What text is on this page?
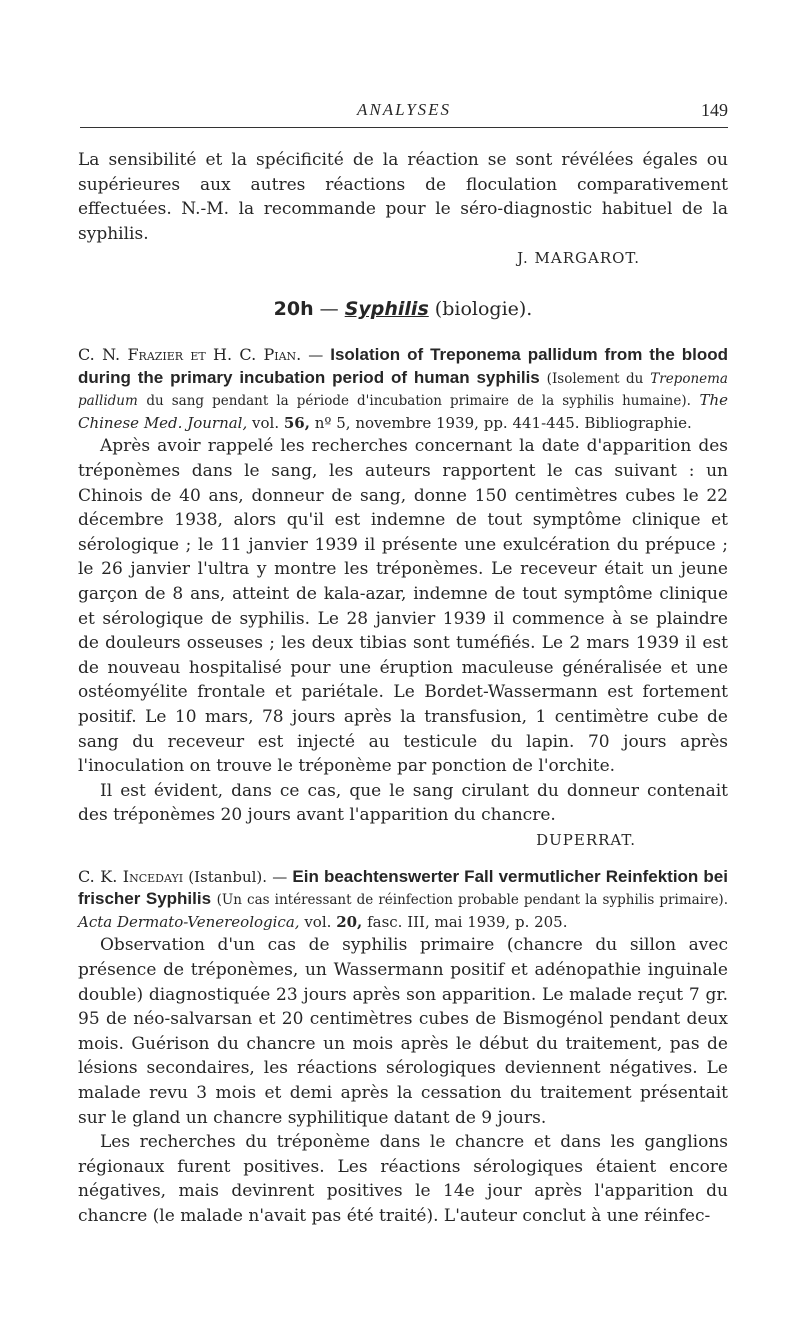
ANALYSES	149

La sensibilité et la spécificité de la réaction se sont révélées égales ou supérieures aux autres réactions de floculation comparativement effectuées. N.-M. la recommande pour le séro-diagnostic habituel de la syphilis.

J. MARGAROT.

20h — Syphilis (biologie).

C. N. Frazier et H. C. Pian. — Isolation of Treponema pallidum from the blood during the primary incubation period of human syphilis (Isolement du Treponema pallidum du sang pendant la période d'incubation primaire de la syphilis humaine). The Chinese Med. Journal, vol. 56, nº 5, novembre 1939, pp. 441-445. Bibliographie.

Après avoir rappelé les recherches concernant la date d'apparition des tréponèmes dans le sang, les auteurs rapportent le cas suivant : un Chinois de 40 ans, donneur de sang, donne 150 centimètres cubes le 22 décembre 1938, alors qu'il est indemne de tout symptôme clinique et sérologique ; le 11 janvier 1939 il présente une exulcération du prépuce ; le 26 janvier l'ultra y montre les tréponèmes. Le receveur était un jeune garçon de 8 ans, atteint de kala-azar, indemne de tout symptôme clinique et sérologique de syphilis. Le 28 janvier 1939 il commence à se plaindre de douleurs osseuses ; les deux tibias sont tuméfiés. Le 2 mars 1939 il est de nouveau hospitalisé pour une éruption maculeuse généralisée et une ostéomyélite frontale et pariétale. Le Bordet-Wassermann est fortement positif. Le 10 mars, 78 jours après la transfusion, 1 centimètre cube de sang du receveur est injecté au testicule du lapin. 70 jours après l'inoculation on trouve le tréponème par ponction de l'orchite.

Il est évident, dans ce cas, que le sang cirulant du donneur contenait des tréponèmes 20 jours avant l'apparition du chancre.

DUPERRAT.

C. K. Incedayi (Istanbul). — Ein beachtenswerter Fall vermutlicher Reinfektion bei frischer Syphilis (Un cas intéressant de réinfection probable pendant la syphilis primaire). Acta Dermato-Venereologica, vol. 20, fasc. III, mai 1939, p. 205.

Observation d'un cas de syphilis primaire (chancre du sillon avec présence de tréponèmes, un Wassermann positif et adénopathie inguinale double) diagnostiquée 23 jours après son apparition. Le malade reçut 7 gr. 95 de néo-salvarsan et 20 centimètres cubes de Bismogénol pendant deux mois. Guérison du chancre un mois après le début du traitement, pas de lésions secondaires, les réactions sérologiques deviennent négatives. Le malade revu 3 mois et demi après la cessation du traitement présentait sur le gland un chancre syphilitique datant de 9 jours.

Les recherches du tréponème dans le chancre et dans les ganglions régionaux furent positives. Les réactions sérologiques étaient encore négatives, mais devinrent positives le 14e jour après l'apparition du chancre (le malade n'avait pas été traité). L'auteur conclut à une réinfec-
